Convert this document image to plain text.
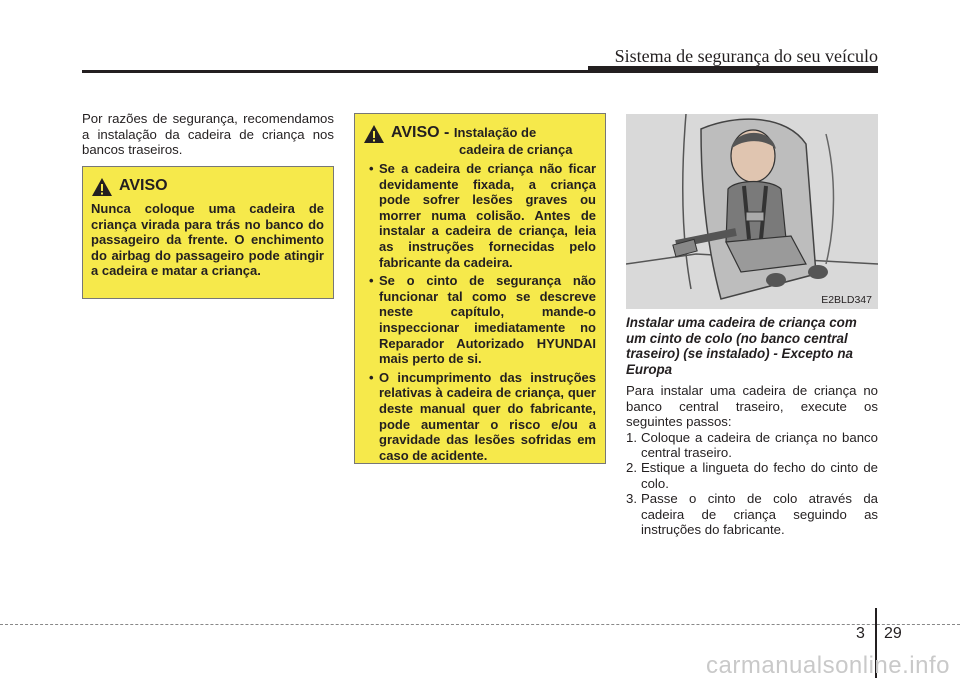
Sistema de segurança do seu veículo
Por razões de segurança, recomendamos a instalação da cadeira de criança nos bancos traseiros.
AVISO
Nunca coloque uma cadeira de criança virada para trás no banco do passageiro da frente. O enchimento do airbag do passageiro pode atingir a cadeira e matar a criança.
AVISO - Instalação de
cadeira de criança
• Se a cadeira de criança não ficar devidamente fixada, a criança pode sofrer lesões graves ou morrer numa colisão. Antes de instalar a cadeira de criança, leia as instruções fornecidas pelo fabricante da cadeira.
• Se o cinto de segurança não funcionar tal como se descreve neste capítulo, mande-o inspeccionar imediatamente no Reparador Autorizado HYUNDAI mais perto de si.
• O incumprimento das instruções relativas à cadeira de criança, quer deste manual quer do fabricante, pode aumentar o risco e/ou a gravidade das lesões sofridas em caso de acidente.
E2BLD347

Instalar uma cadeira de criança com um cinto de colo (no banco central traseiro) (se instalado) - Excepto na Europa

Para instalar uma cadeira de criança no banco central traseiro, execute os seguintes passos:

1. Coloque a cadeira de criança no banco central traseiro.
2. Estique a lingueta do fecho do cinto de colo.
3. Passe o cinto de colo através da cadeira de criança seguindo as instruções do fabricante.
3 29
carmanualsonline.info
